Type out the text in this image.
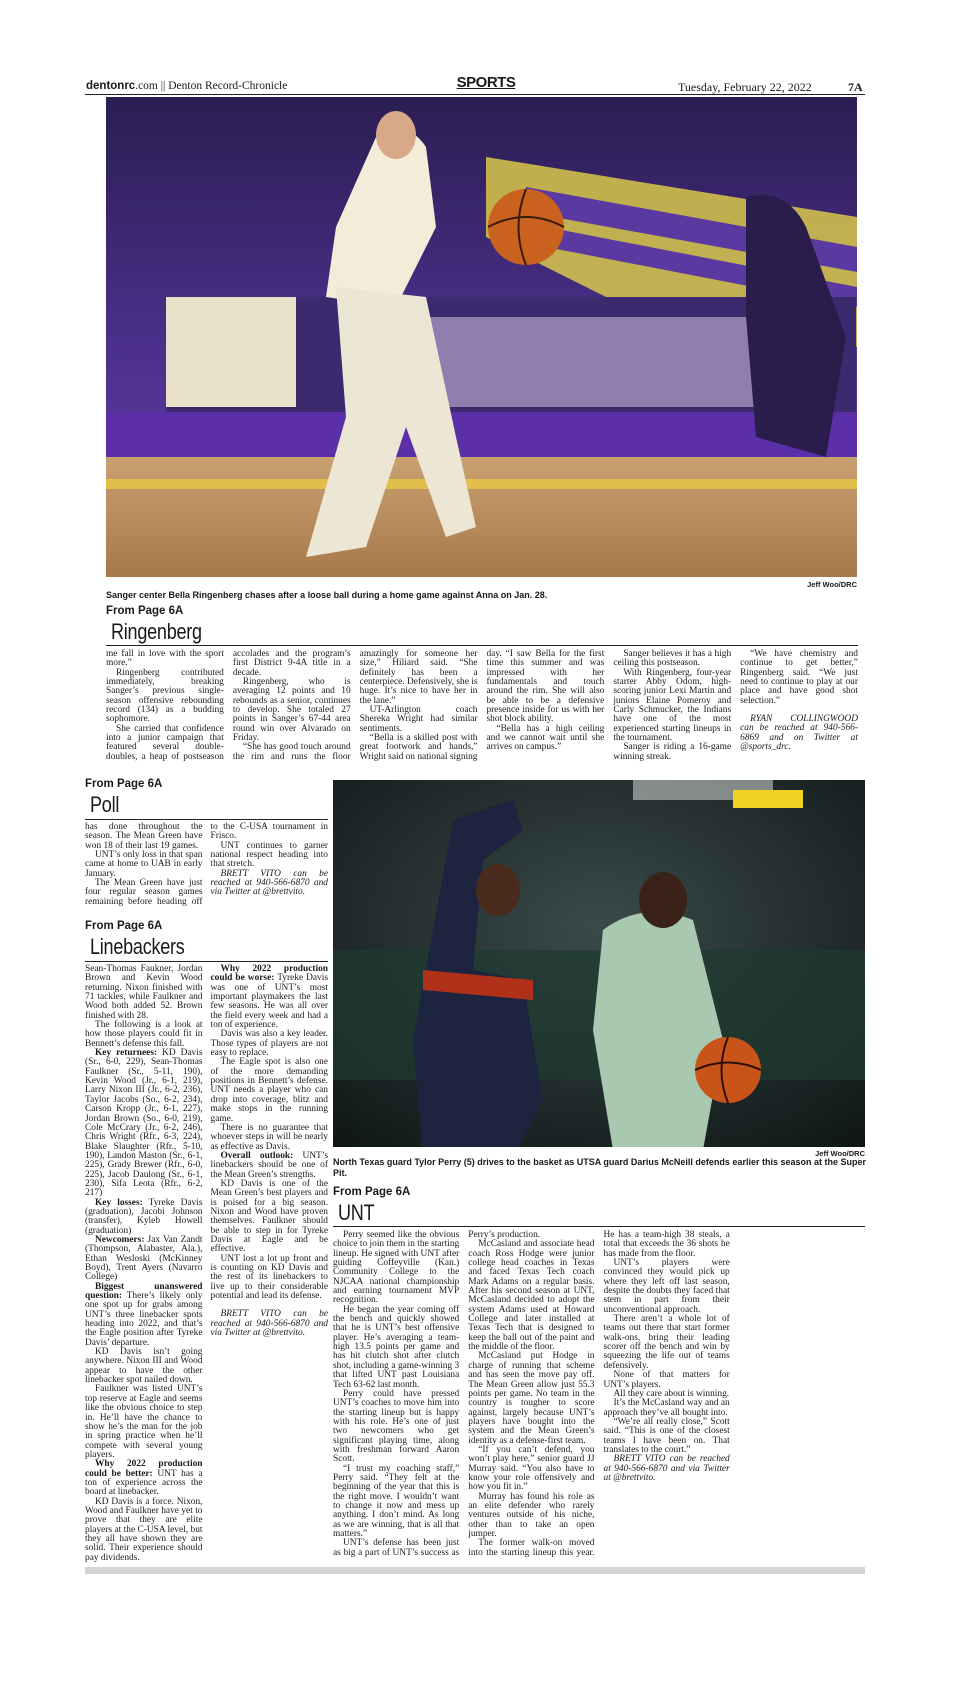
dentonrc.com || Denton Record-Chronicle	SPORTS	Tuesday, February 22, 2022	7A
Jeff Woo/DRC
Sanger center Bella Ringenberg chases after a loose ball during a home game against Anna on Jan. 28.
From Page 6A
Ringenberg

me fall in love with the sport more.”

Ringenberg contributed immediately, breaking Sanger’s previous single-season offensive rebounding record (134) as a budding sophomore.

She carried that confidence into a junior campaign that featured several double-doubles, a heap of postseason accolades and the program’s first District 9-4A title in a decade.

Ringenberg, who is averaging 12 points and 10 rebounds as a senior, continues to develop. She totaled 27 points in Sanger’s 67-44 area round win over Alvarado on Friday.

“She has good touch around the rim and runs the floor amazingly for someone her size,” Hiliard said. “She definitely has been a centerpiece. Defensively, she is huge. It’s nice to have her in the lane.”

UT-Arlington coach Shereka Wright had similar sentiments.

“Bella is a skilled post with great footwork and hands,” Wright said on national signing day. “I saw Bella for the first time this summer and was impressed with her fundamentals and touch around the rim. She will also be able to be a defensive presence inside for us with her shot block ability.

“Bella has a high ceiling and we cannot wait until she arrives on campus.”

Sanger believes it has a high ceiling this postseason.

With Ringenberg, four-year starter Abby Odom, high-scoring junior Lexi Martin and juniors Elaine Pomeroy and Carly Schmucker, the Indians have one of the most experienced starting lineups in the tournament.

Sanger is riding a 16-game winning streak.

“We have chemistry and continue to get better,” Ringenberg said. “We just need to continue to play at our place and have good shot selection.”

RYAN COLLINGWOOD can be reached at 940-566-6869 and on Twitter at @sports_drc.

From Page 6A
Poll

has done throughout the season. The Mean Green have won 18 of their last 19 games.

UNT’s only loss in that span came at home to UAB in early January.

The Mean Green have just four regular season games remaining before heading off to the C-USA tournament in Frisco.

UNT continues to garner national respect heading into that stretch.

BRETT VITO can be reached at 940-566-6870 and via Twitter at @brettvito.

From Page 6A
Linebackers

Sean-Thomas Faukner, Jordan Brown and Kevin Wood returning. Nixon finished with 71 tackles, while Faulkner and Wood both added 52. Brown finished with 28.

The following is a look at how those players could fit in Bennett’s defense this fall.

Key returnees: KD Davis (Sr., 6-0, 229), Sean-Thomas Faulkner (Sr., 5-11, 190), Kevin Wood (Jr., 6-1, 219), Larry Nixon III (Jr., 6-2, 236), Taylor Jacobs (So., 6-2, 234), Carson Kropp (Jr., 6-1, 227), Jordan Brown (So., 6-0, 219), Cole McCrary (Jr., 6-2, 246), Chris Wright (Rfr., 6-3, 224), Blake Slaughter (Rfr., 5-10, 190), Landon Maston (Sr., 6-1, 225), Grady Brewer (Rfr., 6-0, 225), Jacob Daulong (Sr., 6-1, 230), Sifa Leota (Rfr., 6-2, 217)

Key losses: Tyreke Davis (graduation), Jacobi Johnson (transfer), Kyleb Howell (graduation)

Newcomers: Jax Van Zandt (Thompson, Alabaster, Ala.), Ethan Wesloski (McKinney Boyd), Trent Ayers (Navarro College)

Biggest unanswered question: There’s likely only one spot up for grabs among UNT’s three linebacker spots heading into 2022, and that’s the Eagle position after Tyreke Davis’ departure.

KD Davis isn’t going anywhere. Nixon III and Wood appear to have the other linebacker spot nailed down.

Faulkner was listed UNT’s top reserve at Eagle and seems like the obvious choice to step in. He’ll have the chance to show he’s the man for the job in spring practice when he’ll compete with several young players.

Why 2022 production could be better: UNT has a ton of experience across the board at linebacker.

KD Davis is a force. Nixon, Wood and Faulkner have yet to prove that they are elite players at the C-USA level, but they all have shown they are solid. Their experience should pay dividends.

Why 2022 production could be worse: Tyreke Davis was one of UNT’s most important playmakers the last few seasons. He was all over the field every week and had a ton of experience.

Davis was also a key leader. Those types of players are not easy to replace.

The Eagle spot is also one of the more demanding positions in Bennett’s defense. UNT needs a player who can drop into coverage, blitz and make stops in the running game.

There is no guarantee that whoever steps in will be nearly as effective as Davis.

Overall outlook: UNT’s linebackers should be one of the Mean Green’s strengths.

KD Davis is one of the Mean Green’s best players and is poised for a big season. Nixon and Wood have proven themselves. Faulkner should be able to step in for Tyreke Davis at Eagle and be effective.

UNT lost a lot up front and is counting on KD Davis and the rest of its linebackers to live up to their considerable potential and lead its defense.

BRETT VITO can be reached at 940-566-6870 and via Twitter at @brettvito.

Jeff Woo/DRC
North Texas guard Tylor Perry (5) drives to the basket as UTSA guard Darius McNeill defends earlier this season at the Super Pit.
From Page 6A
UNT

Perry seemed like the obvious choice to join them in the starting lineup. He signed with UNT after guiding Coffeyville (Kan.) Community College to the NJCAA national championship and earning tournament MVP recognition.

He began the year coming off the bench and quickly showed that he is UNT’s best offensive player. He’s averaging a team-high 13.5 points per game and has hit clutch shot after clutch shot, including a game-winning 3 that lifted UNT past Louisiana Tech 63-62 last month.

Perry could have pressed UNT’s coaches to move him into the starting lineup but is happy with his role. He’s one of just two newcomers who get significant playing time, along with freshman forward Aaron Scott.

“I trust my coaching staff,” Perry said. “They felt at the beginning of the year that this is the right move. I wouldn’t want to change it now and mess up anything. I don’t mind. As long as we are winning, that is all that matters.”

UNT’s defense has been just as big a part of UNT’s success as Perry’s production.

McCasland and associate head coach Ross Hodge were junior college head coaches in Texas and faced Texas Tech coach Mark Adams on a regular basis. After his second season at UNT, McCasland decided to adopt the system Adams used at Howard College and later installed at Texas Tech that is designed to keep the ball out of the paint and the middle of the floor.

McCasland put Hodge in charge of running that scheme and has seen the move pay off. The Mean Green allow just 55.3 points per game. No team in the country is tougher to score against, largely because UNT’s players have bought into the system and the Mean Green’s identity as a defense-first team.

“If you can’t defend, you won’t play here,” senior guard JJ Murray said. “You also have to know your role offensively and how you fit in.”

Murray has found his role as an elite defender who rarely ventures outside of his niche, other than to take an open jumper.

The former walk-on moved into the starting lineup this year. He has a team-high 38 steals, a total that exceeds the 36 shots he has made from the floor.

UNT’s players were convinced they would pick up where they left off last season, despite the doubts they faced that stem in part from their unconventional approach.

There aren’t a whole lot of teams out there that start former walk-ons, bring their leading scorer off the bench and win by squeezing the life out of teams defensively.

None of that matters for UNT’s players.

All they care about is winning.

It’s the McCasland way and an approach they’ve all bought into.

“We’re all really close,” Scott said. “This is one of the closest teams I have been on. That translates to the court.”

BRETT VITO can be reached at 940-566-6870 and via Twitter at @brettvito.
